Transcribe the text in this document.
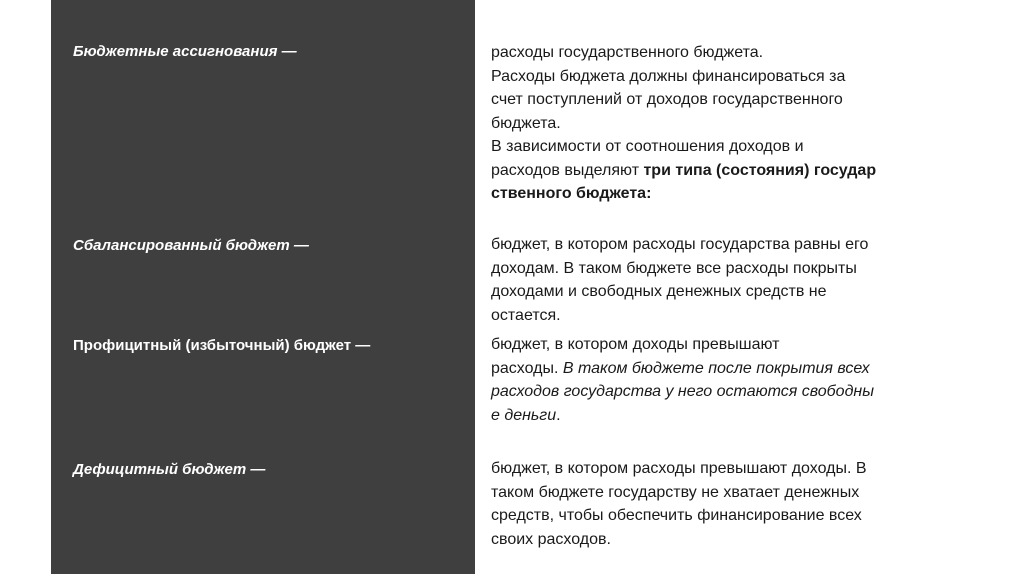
Бюджетные ассигнования —	расходы государственного бюджета.
Расходы бюджета должны финансироваться за
счет поступлений от доходов государственного
бюджета.
В зависимости от соотношения доходов и
расходов выделяют три типа (состояния) государ
ственного бюджета:
Сбалансированный бюджет —	бюджет, в котором расходы государства равны его
доходам. В таком бюджете все расходы покрыты
доходами и свободных денежных средств не
остается.
Профицитный (избыточный) бюджет —	бюджет, в котором доходы превышают
расходы. В таком бюджете после покрытия всех
расходов государства у него остаются свободны
е деньги.
Дефицитный бюджет —	бюджет, в котором расходы превышают доходы. В
таком бюджете государству не хватает денежных
средств, чтобы обеспечить финансирование всех
своих расходов.
